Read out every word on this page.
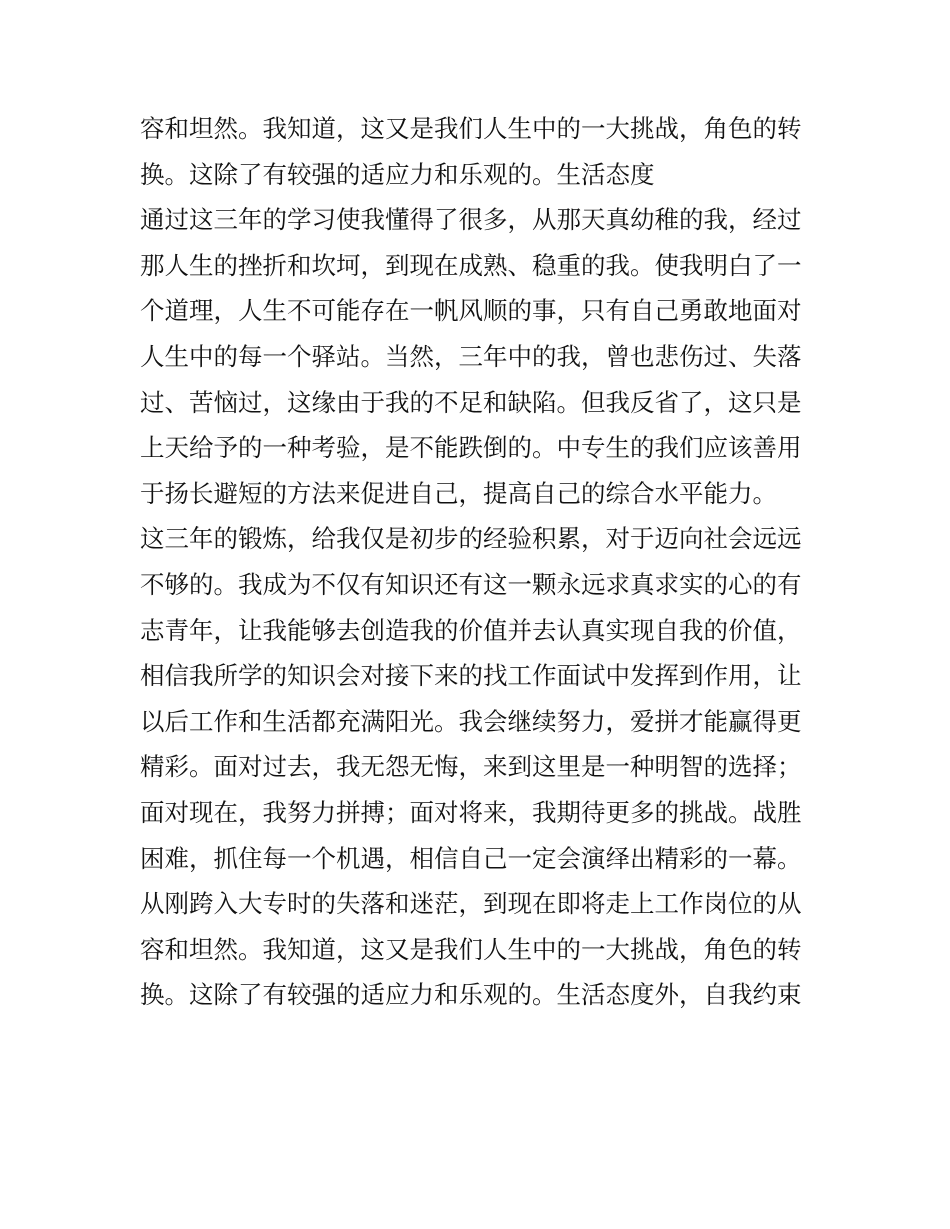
容和坦然。我知道，这又是我们人生中的一大挑战，角色的转
换。这除了有较强的适应力和乐观的。生活态度
通过这三年的学习使我懂得了很多，从那天真幼稚的我，经过
那人生的挫折和坎坷，到现在成熟、稳重的我。使我明白了一
个道理，人生不可能存在一帆风顺的事，只有自己勇敢地面对
人生中的每一个驿站。当然，三年中的我，曾也悲伤过、失落
过、苦恼过，这缘由于我的不足和缺陷。但我反省了，这只是
上天给予的一种考验，是不能跌倒的。中专生的我们应该善用
于扬长避短的方法来促进自己，提高自己的综合水平能力。
这三年的锻炼，给我仅是初步的经验积累，对于迈向社会远远
不够的。我成为不仅有知识还有这一颗永远求真求实的心的有
志青年，让我能够去创造我的价值并去认真实现自我的价值，
相信我所学的知识会对接下来的找工作面试中发挥到作用，让
以后工作和生活都充满阳光。我会继续努力，爱拼才能赢得更
精彩。面对过去，我无怨无悔，来到这里是一种明智的选择；
面对现在，我努力拼搏；面对将来，我期待更多的挑战。战胜
困难，抓住每一个机遇，相信自己一定会演绎出精彩的一幕。
从刚跨入大专时的失落和迷茫，到现在即将走上工作岗位的从
容和坦然。我知道，这又是我们人生中的一大挑战，角色的转
换。这除了有较强的适应力和乐观的。生活态度外，自我约束
